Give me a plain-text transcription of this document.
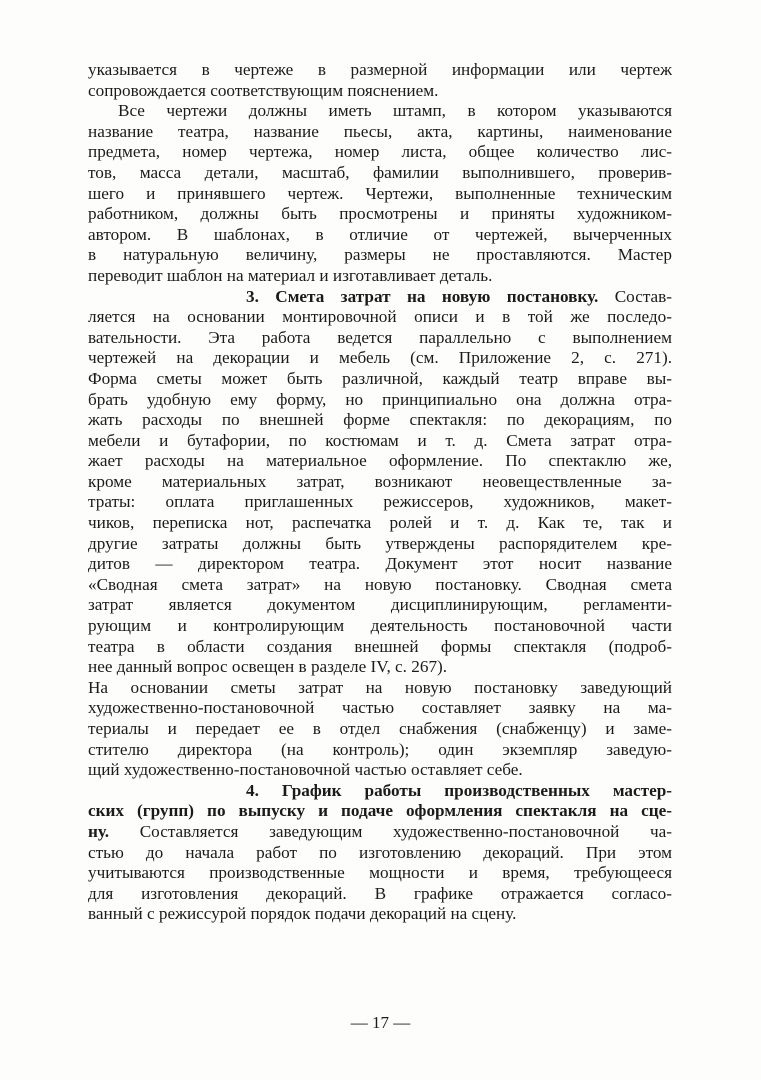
указывается в чертеже в размерной информации или чертеж
сопровождается соответствующим пояснением.
Все чертежи должны иметь штамп, в котором указываются
название театра, название пьесы, акта, картины, наименование
предмета, номер чертежа, номер листа, общее количество лис-
тов, масса детали, масштаб, фамилии выполнившего, проверив-
шего и принявшего чертеж. Чертежи, выполненные техническим
работником, должны быть просмотрены и приняты художником-
автором. В шаблонах, в отличие от чертежей, вычерченных
в натуральную величину, размеры не проставляются. Мастер
переводит шаблон на материал и изготавливает деталь.
3. Смета затрат на новую постановку. Состав-
ляется на основании монтировочной описи и в той же последо-
вательности. Эта работа ведется параллельно с выполнением
чертежей на декорации и мебель (см. Приложение 2, с. 271).
Форма сметы может быть различной, каждый театр вправе вы-
брать удобную ему форму, но принципиально она должна отра-
жать расходы по внешней форме спектакля: по декорациям, по
мебели и бутафории, по костюмам и т. д. Смета затрат отра-
жает расходы на материальное оформление. По спектаклю же,
кроме материальных затрат, возникают неовеществленные за-
траты: оплата приглашенных режиссеров, художников, макет-
чиков, переписка нот, распечатка ролей и т. д. Как те, так и
другие затраты должны быть утверждены распорядителем кре-
дитов — директором театра. Документ этот носит название
«Сводная смета затрат» на новую постановку. Сводная смета
затрат является документом дисциплинирующим, регламенти-
рующим и контролирующим деятельность постановочной части
театра в области создания внешней формы спектакля (подроб-
нее данный вопрос освещен в разделе IV, с. 267).
На основании сметы затрат на новую постановку заведующий
художественно-постановочной частью составляет заявку на ма-
териалы и передает ее в отдел снабжения (снабженцу) и заме-
стителю директора (на контроль); один экземпляр заведую-
щий художественно-постановочной частью оставляет себе.
4. График работы производственных мастер-
ских (групп) по выпуску и подаче оформления спектакля на сце-
ну. Составляется заведующим художественно-постановочной ча-
стью до начала работ по изготовлению декораций. При этом
учитываются производственные мощности и время, требующееся
для изготовления декораций. В графике отражается согласо-
ванный с режиссурой порядок подачи декораций на сцену.
— 17 —
